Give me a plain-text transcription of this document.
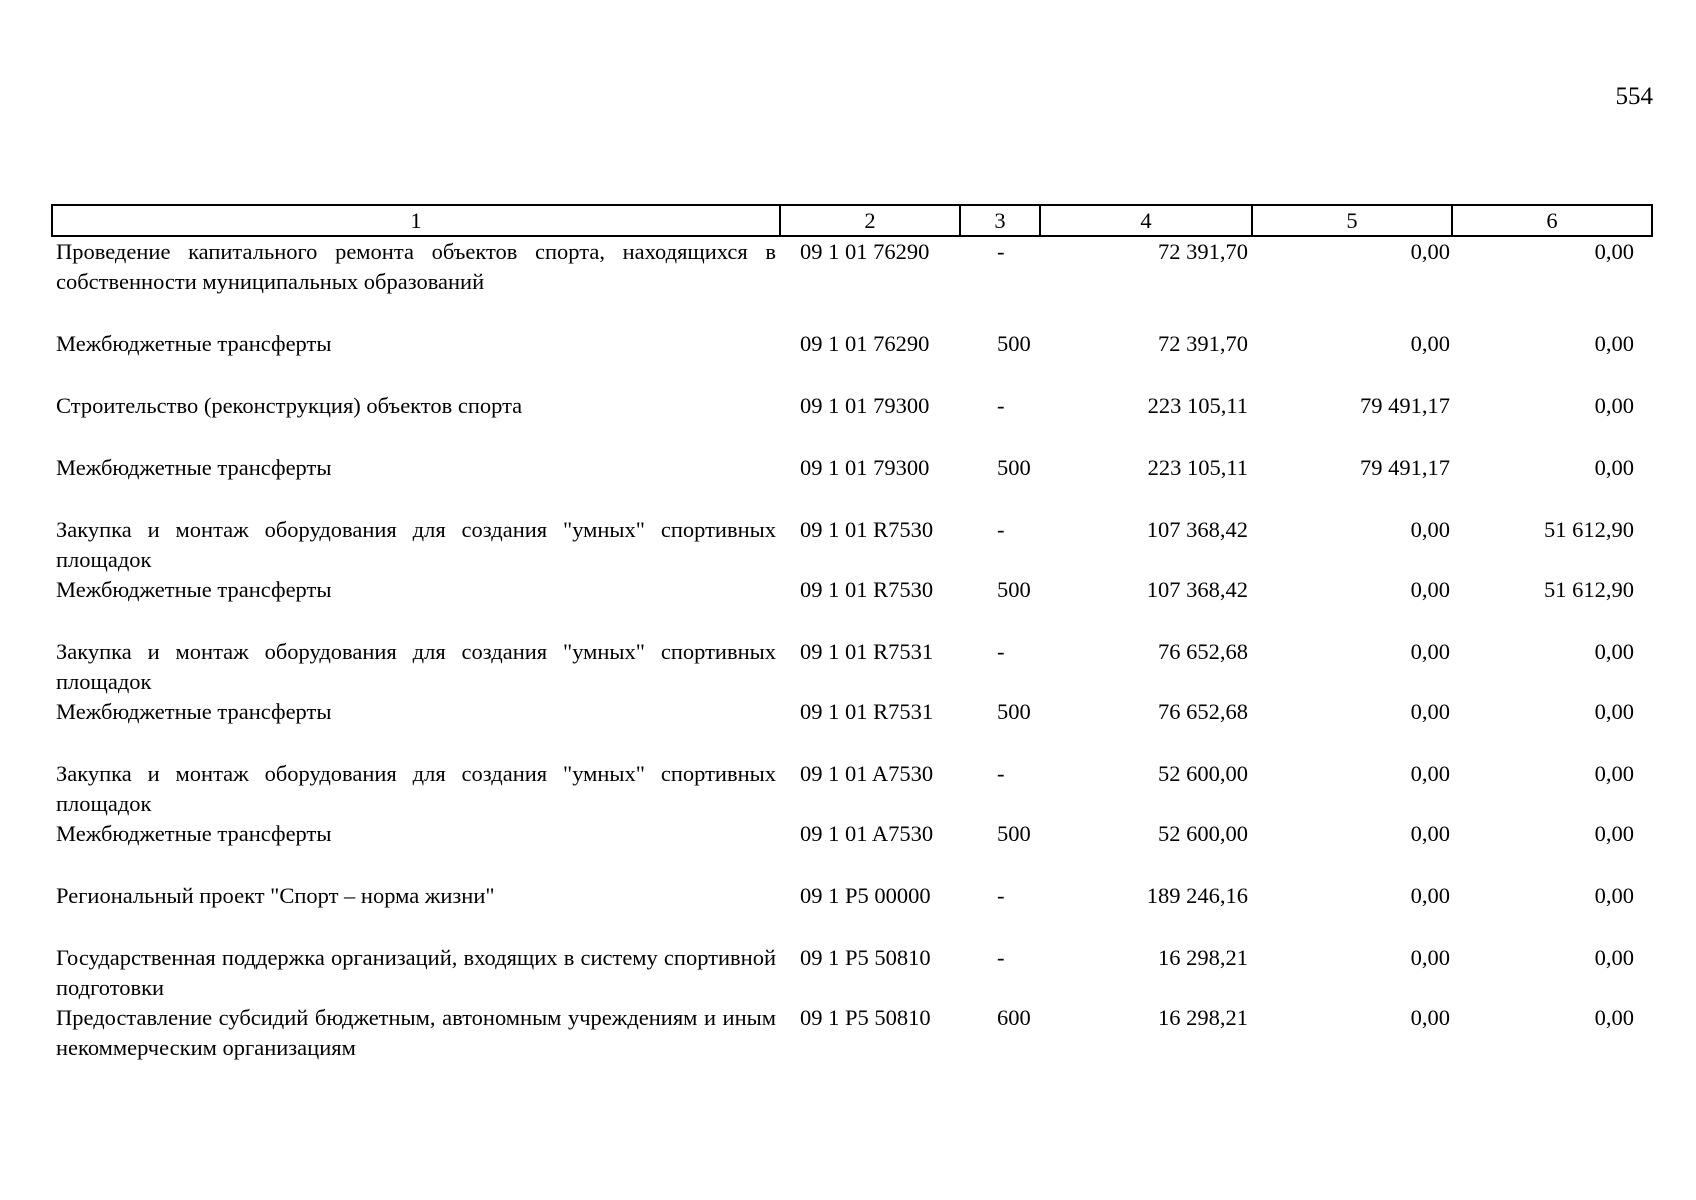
554
1	2	3	4	5	6
Проведение капитального ремонта объектов спорта, находящихся в собственности муниципальных образований	09 1 01 76290	-	72 391,70	0,00	0,00
Межбюджетные трансферты	09 1 01 76290	500	72 391,70	0,00	0,00
Строительство (реконструкция) объектов спорта	09 1 01 79300	-	223 105,11	79 491,17	0,00
Межбюджетные трансферты	09 1 01 79300	500	223 105,11	79 491,17	0,00
Закупка и монтаж оборудования для создания "умных" спортивных площадок	09 1 01 R7530	-	107 368,42	0,00	51 612,90
Межбюджетные трансферты	09 1 01 R7530	500	107 368,42	0,00	51 612,90
Закупка и монтаж оборудования для создания "умных" спортивных площадок	09 1 01 R7531	-	76 652,68	0,00	0,00
Межбюджетные трансферты	09 1 01 R7531	500	76 652,68	0,00	0,00
Закупка и монтаж оборудования для создания "умных" спортивных площадок	09 1 01 A7530	-	52 600,00	0,00	0,00
Межбюджетные трансферты	09 1 01 A7530	500	52 600,00	0,00	0,00
Региональный проект "Спорт – норма жизни"	09 1 P5 00000	-	189 246,16	0,00	0,00
Государственная поддержка организаций, входящих в систему спортивной подготовки	09 1 P5 50810	-	16 298,21	0,00	0,00
Предоставление субсидий бюджетным, автономным учреждениям и иным некоммерческим организациям	09 1 P5 50810	600	16 298,21	0,00	0,00
